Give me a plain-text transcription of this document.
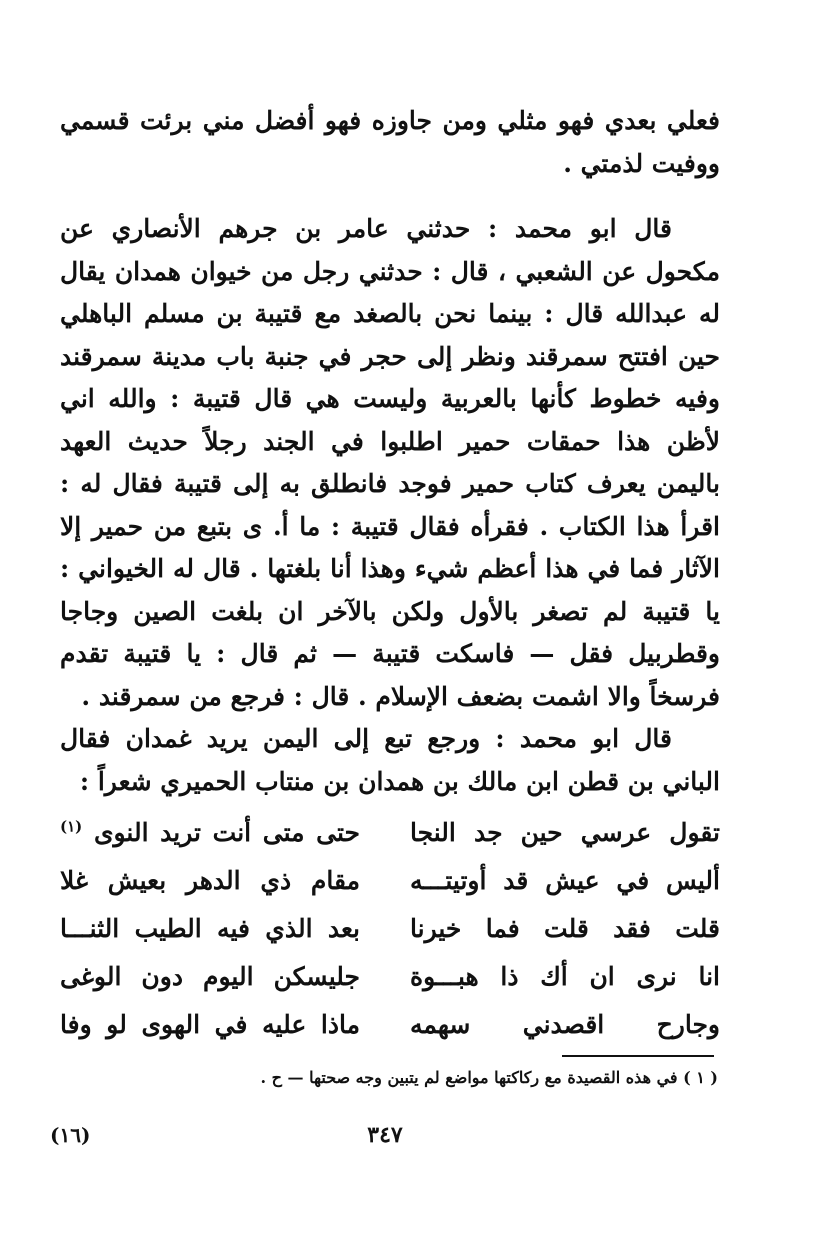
فعلي بعدي فهو مثلي ومن جاوزه فهو أفضل مني برئت قسمي ووفيت لذمتي .

قال ابو محمد : حدثني عامر بن جرهم الأنصاري عن مكحول عن الشعبي ، قال : حدثني رجل من خيوان همدان يقال له عبدالله قال : بينما نحن بالصغد مع قتيبة بن مسلم الباهلي حين افتتح سمرقند ونظر إلى حجر في جنبة باب مدينة سمرقند وفيه خطوط كأنها بالعربية وليست هي قال قتيبة : والله اني لأظن هذا حمقات حمير اطلبوا في الجند رجلاً حديث العهد باليمن يعرف كتاب حمير فوجد فانطلق به إلى قتيبة فقال له : اقرأ هذا الكتاب . فقرأه فقال قتيبة : ما أ. ى بتبع من حمير إلا الآثار فما في هذا أعظم شيء وهذا أنا بلغتها . قال له الخيواني : يا قتيبة لم تصغر بالأول ولكن بالآخر ان بلغت الصين وجاجا وقطربيل فقل — فاسكت قتيبة — ثم قال : يا قتيبة تقدم فرسخاً والا اشمت بضعف الإسلام . قال : فرجع من سمرقند .

قال ابو محمد : ورجع تبع إلى اليمن يريد غمدان فقال الباني بن قطن ابن مالك بن همدان بن منتاب الحميري شعراً :

تقول عرسي حين جد النجا
حتى متى أنت تريد النوى $^{(١)}$
أليس في عيش قد أوتيتـــه
مقام ذي الدهر بعيش غلا
قلت فقد قلت فما خيرنا
بعد الذي فيه الطيب الثنـــا
انا نرى ان أك ذا هبـــوة
جليسكن اليوم دون الوغى
وجارح اقصدني سهمه
ماذا عليه في الهوى لو وفا
( ١ ) في هذه القصيدة مع ركاكتها مواضع لم يتبين وجه صحتها — ح .
٣٤٧
(١٦)
